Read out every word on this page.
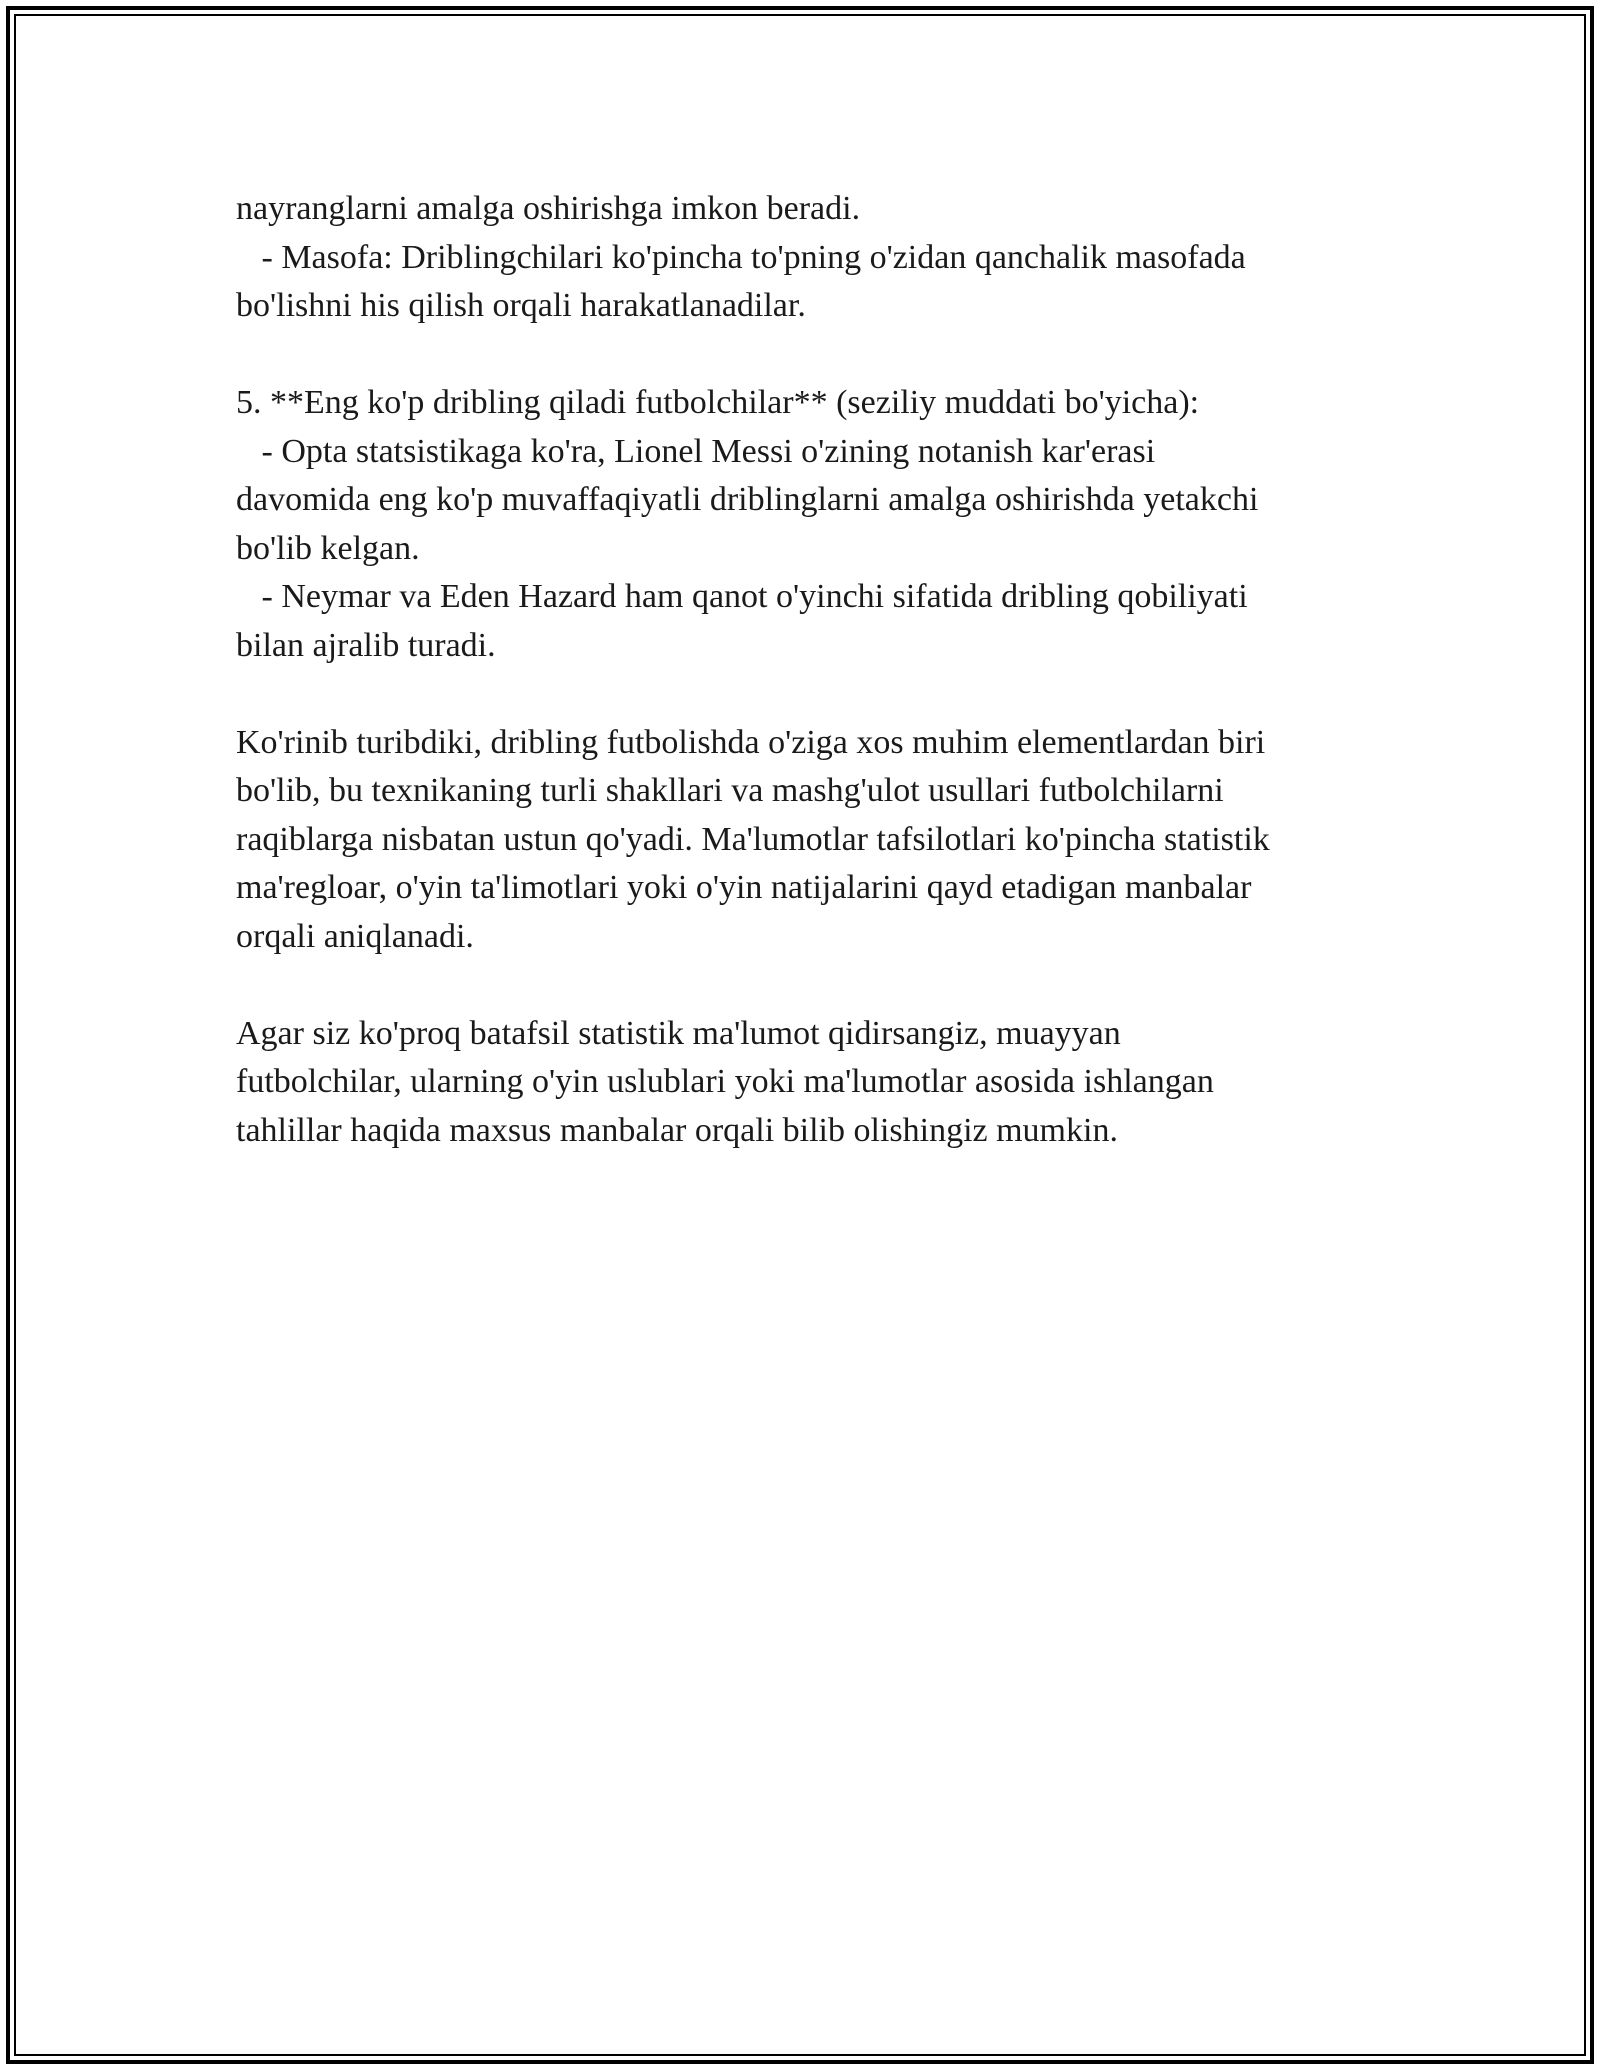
nayranglarni amalga oshirishga imkon beradi.
- Masofa: Driblingchilari ko'pincha to'pning o'zidan qanchalik masofada
bo'lishni his qilish orqali harakatlanadilar.
5. **Eng ko'p dribling qiladi futbolchilar** (seziliy muddati bo'yicha):
- Opta statsistikaga ko'ra, Lionel Messi o'zining notanish kar'erasi
davomida eng ko'p muvaffaqiyatli driblinglarni amalga oshirishda yetakchi
bo'lib kelgan.
- Neymar va Eden Hazard ham qanot o'yinchi sifatida dribling qobiliyati
bilan ajralib turadi.
Ko'rinib turibdiki, dribling futbolishda o'ziga xos muhim elementlardan biri
bo'lib, bu texnikaning turli shakllari va mashg'ulot usullari futbolchilarni
raqiblarga nisbatan ustun qo'yadi. Ma'lumotlar tafsilotlari ko'pincha statistik
ma'regloar, o'yin ta'limotlari yoki o'yin natijalarini qayd etadigan manbalar
orqali aniqlanadi.
Agar siz ko'proq batafsil statistik ma'lumot qidirsangiz, muayyan
futbolchilar, ularning o'yin uslublari yoki ma'lumotlar asosida ishlangan
tahlillar haqida maxsus manbalar orqali bilib olishingiz mumkin.
